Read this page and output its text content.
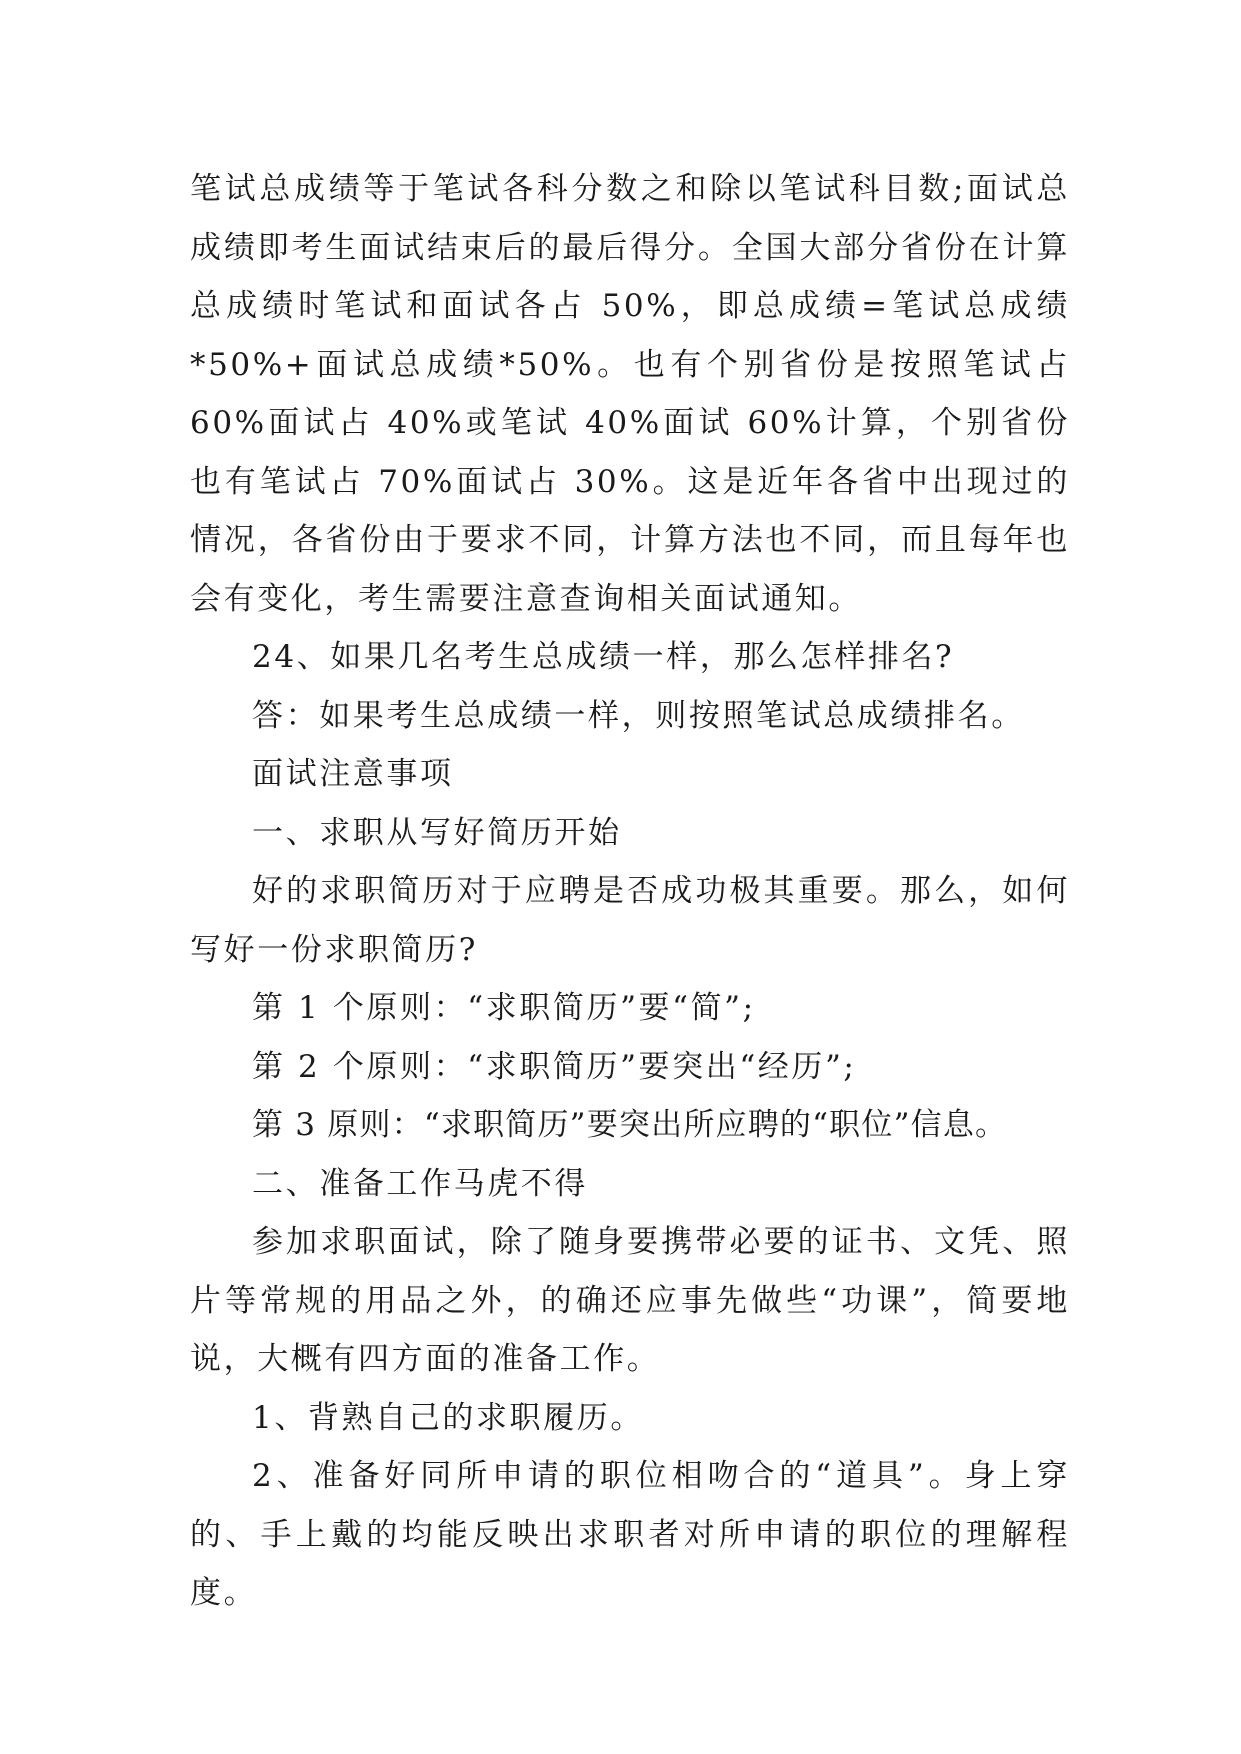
笔试总成绩等于笔试各科分数之和除以笔试科目数;面试总成绩即考生面试结束后的最后得分。全国大部分省份在计算总成绩时笔试和面试各占 50%，即总成绩=笔试总成绩*50%+面试总成绩*50%。也有个别省份是按照笔试占 60%面试占 40%或笔试 40%面试 60%计算，个别省份也有笔试占 70%面试占 30%。这是近年各省中出现过的情况，各省份由于要求不同，计算方法也不同，而且每年也会有变化，考生需要注意查询相关面试通知。

24、如果几名考生总成绩一样，那么怎样排名?

答：如果考生总成绩一样，则按照笔试总成绩排名。

面试注意事项

一、求职从写好简历开始

好的求职简历对于应聘是否成功极其重要。那么，如何写好一份求职简历?

第 1 个原则：“求职简历”要“简”;

第 2 个原则：“求职简历”要突出“经历”;

第 3 原则：“求职简历”要突出所应聘的“职位”信息。

二、准备工作马虎不得

参加求职面试，除了随身要携带必要的证书、文凭、照片等常规的用品之外，的确还应事先做些“功课”，简要地说，大概有四方面的准备工作。

1、背熟自己的求职履历。

2、准备好同所申请的职位相吻合的“道具”。身上穿的、手上戴的均能反映出求职者对所申请的职位的理解程度。
